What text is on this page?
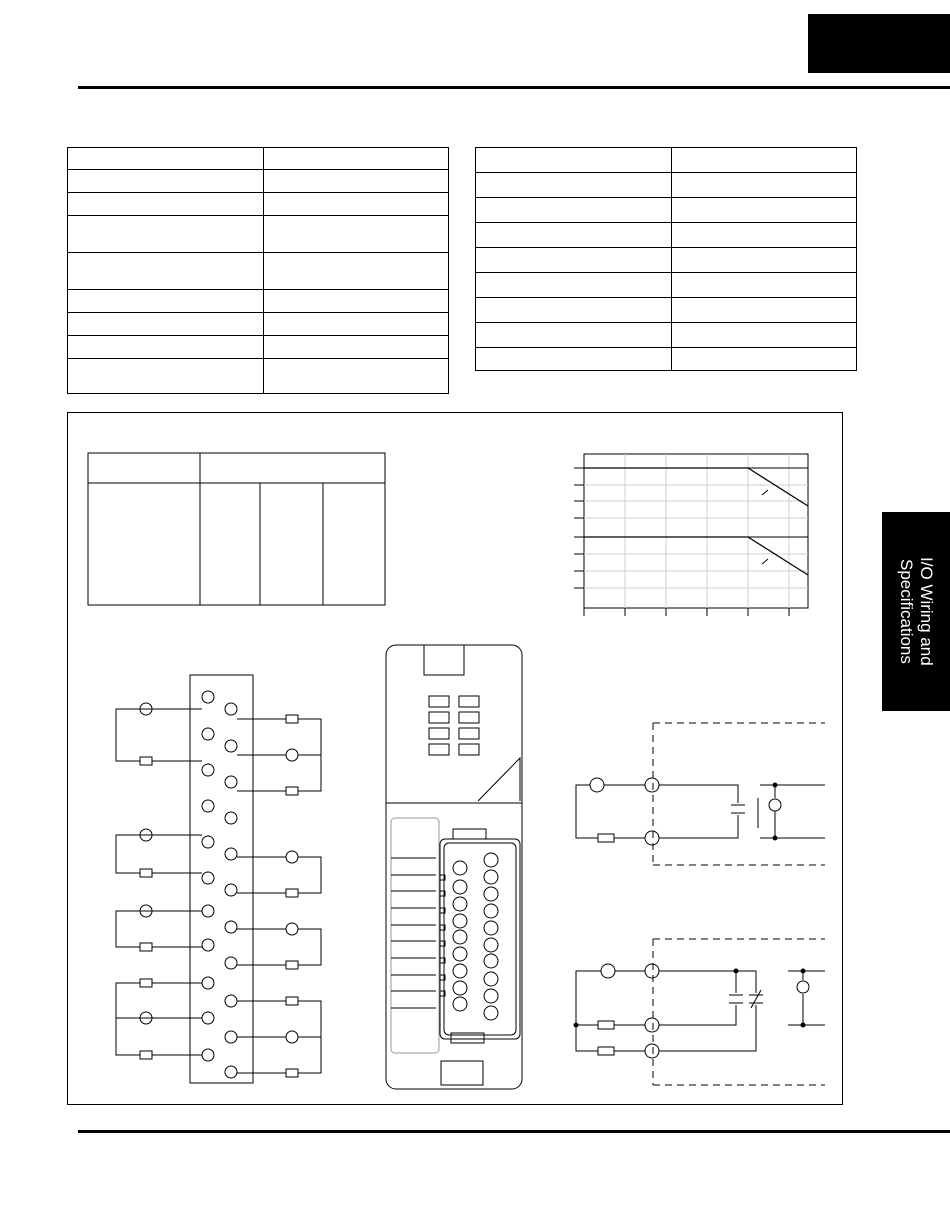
I/O Wiring and
Specifications
